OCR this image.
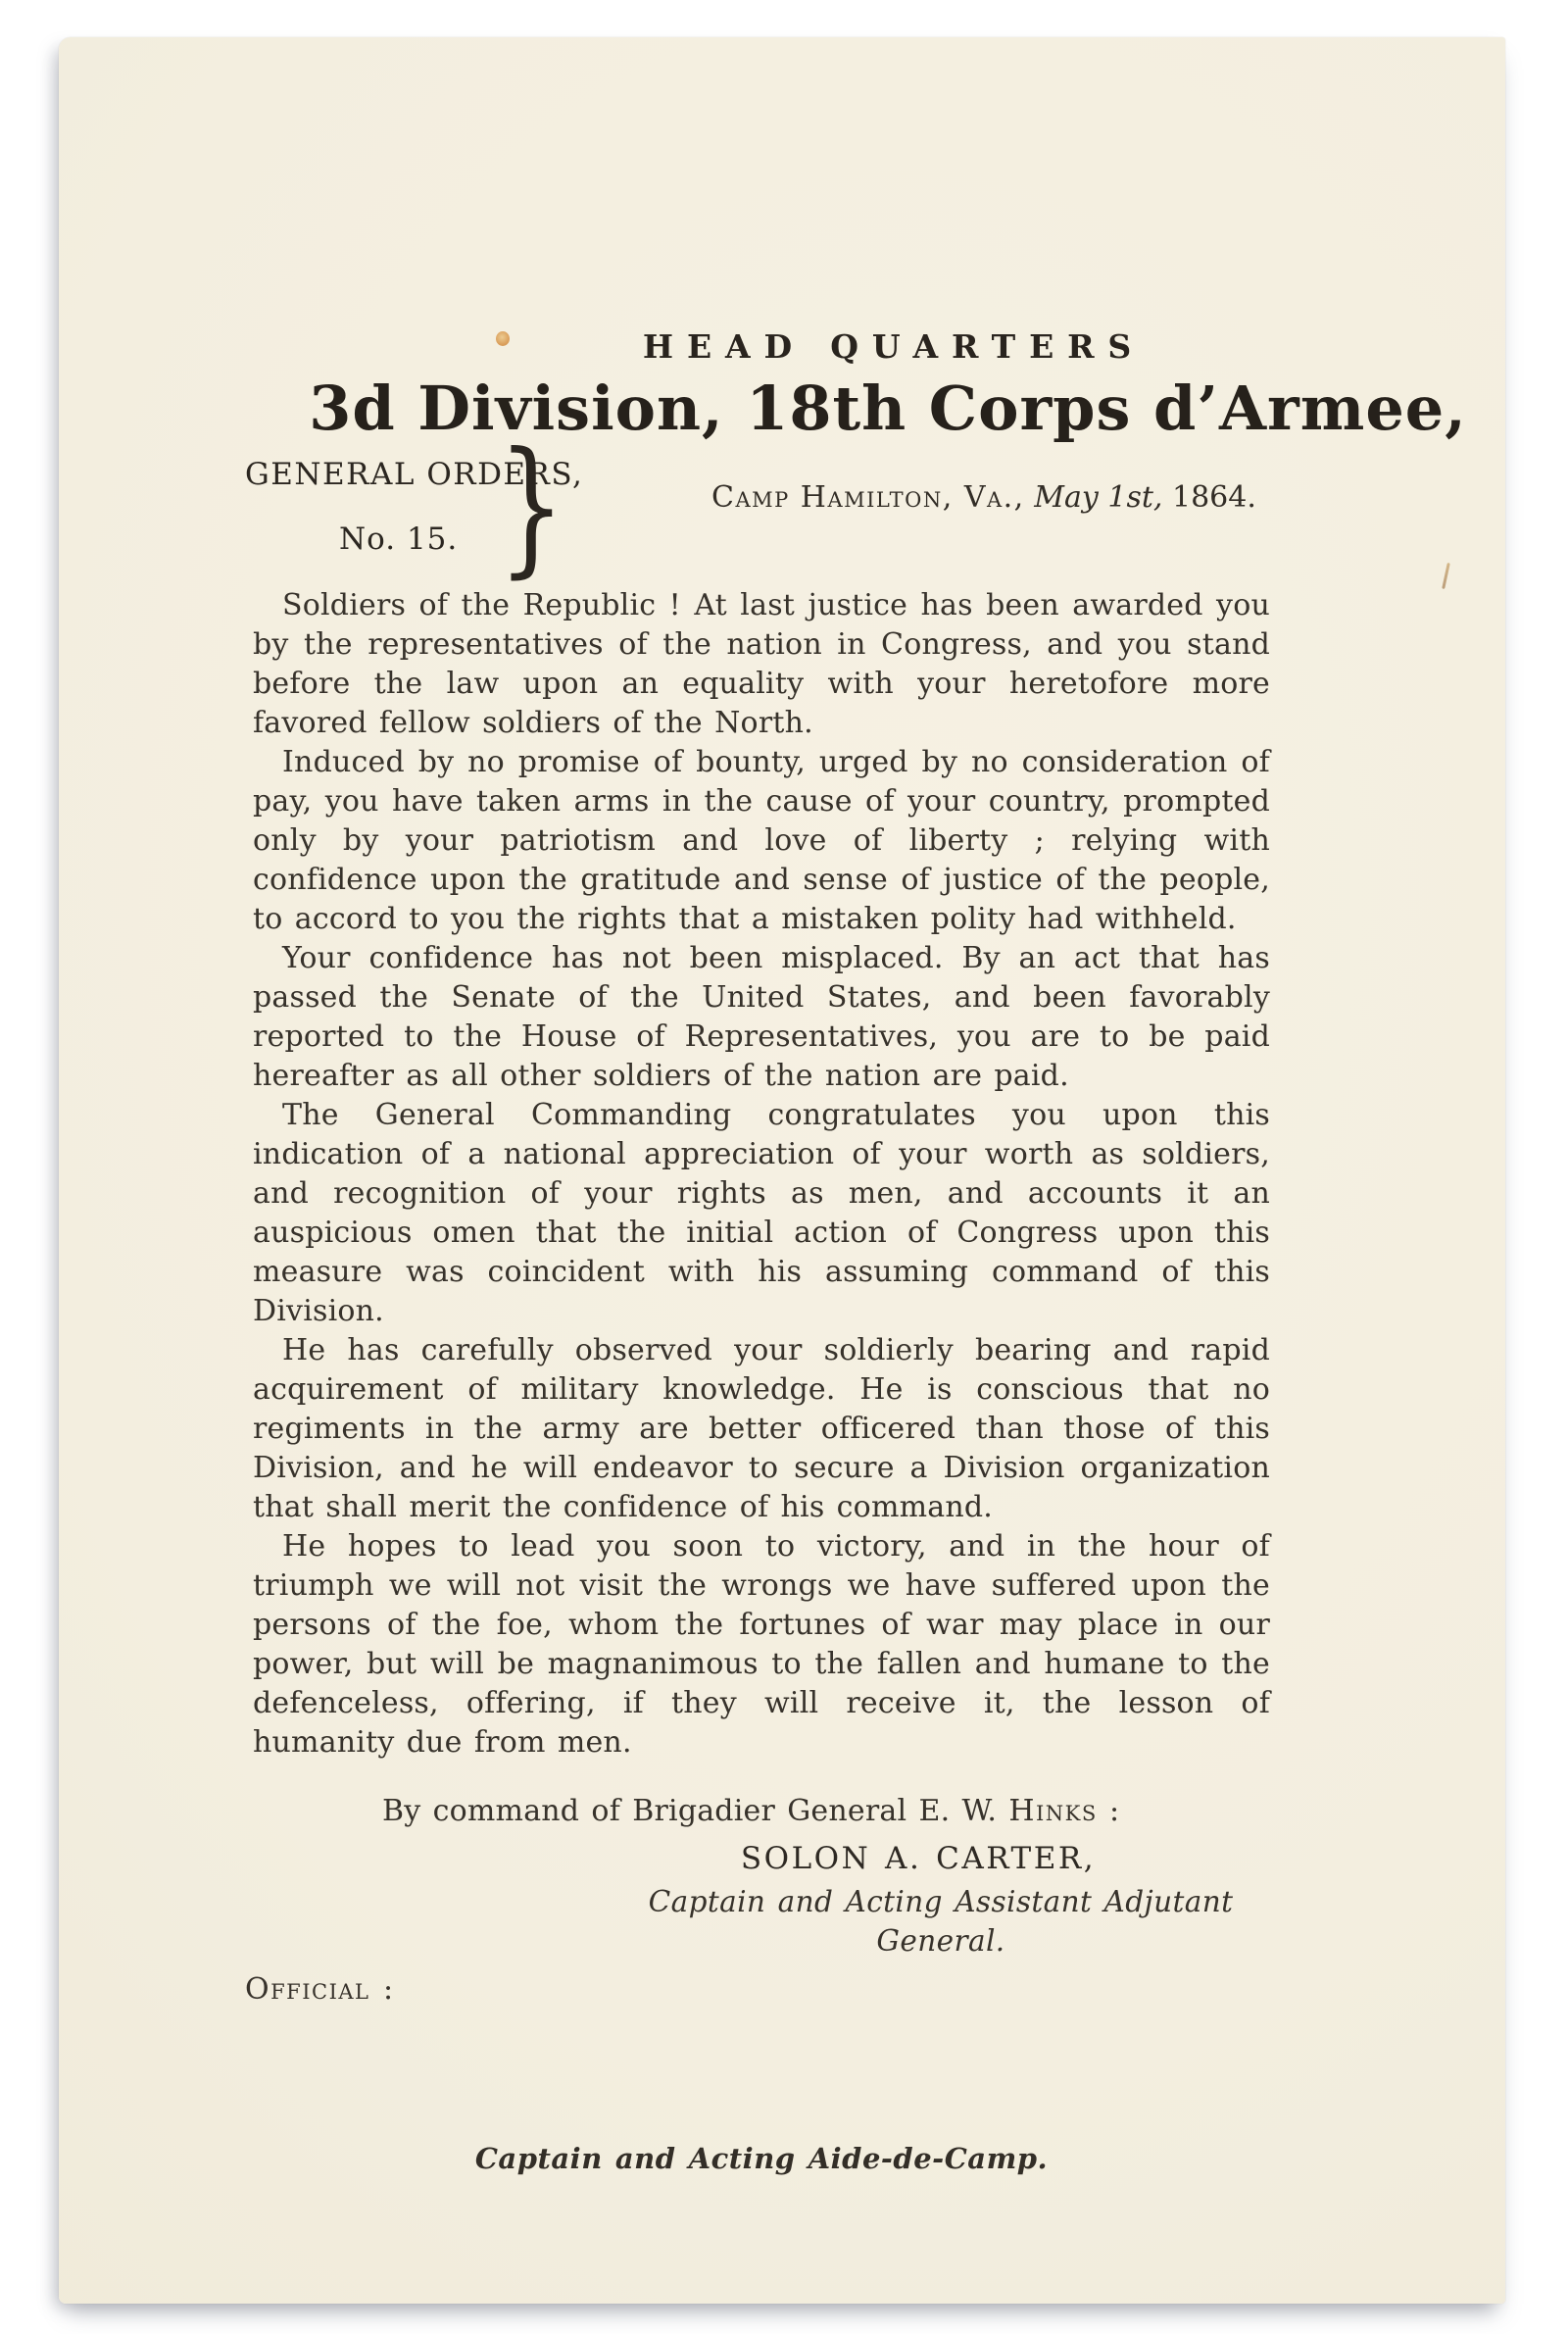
HEAD QUARTERS
3d Division, 18th Corps d’Armee,
GENERAL ORDERS,
No. 15. }	Camp Hamilton, Va., May 1st, 1864.

Soldiers of the Republic ! At last justice has been awarded you by the representatives of the nation in Congress, and you stand before the law upon an equality with your heretofore more favored fellow soldiers of the North.

Induced by no promise of bounty, urged by no consideration of pay, you have taken arms in the cause of your country, prompted only by your patriotism and love of liberty ; relying with confidence upon the gratitude and sense of justice of the people, to accord to you the rights that a mistaken polity had withheld.

Your confidence has not been misplaced. By an act that has passed the Senate of the United States, and been favorably reported to the House of Representatives, you are to be paid hereafter as all other soldiers of the nation are paid.

The General Commanding congratulates you upon this indication of a national appreciation of your worth as soldiers, and recognition of your rights as men, and accounts it an auspicious omen that the initial action of Congress upon this measure was coincident with his assuming command of this Division.

He has carefully observed your soldierly bearing and rapid acquirement of military knowledge. He is conscious that no regiments in the army are better officered than those of this Division, and he will endeavor to secure a Division organization that shall merit the confidence of his command.

He hopes to lead you soon to victory, and in the hour of triumph we will not visit the wrongs we have suffered upon the persons of the foe, whom the fortunes of war may place in our power, but will be magnanimous to the fallen and humane to the defenceless, offering, if they will receive it, the lesson of humanity due from men.

By command of Brigadier General E. W. Hinks :
SOLON A. CARTER,
Captain and Acting Assistant Adjutant General.
Official :
Captain and Acting Aide-de-Camp.
